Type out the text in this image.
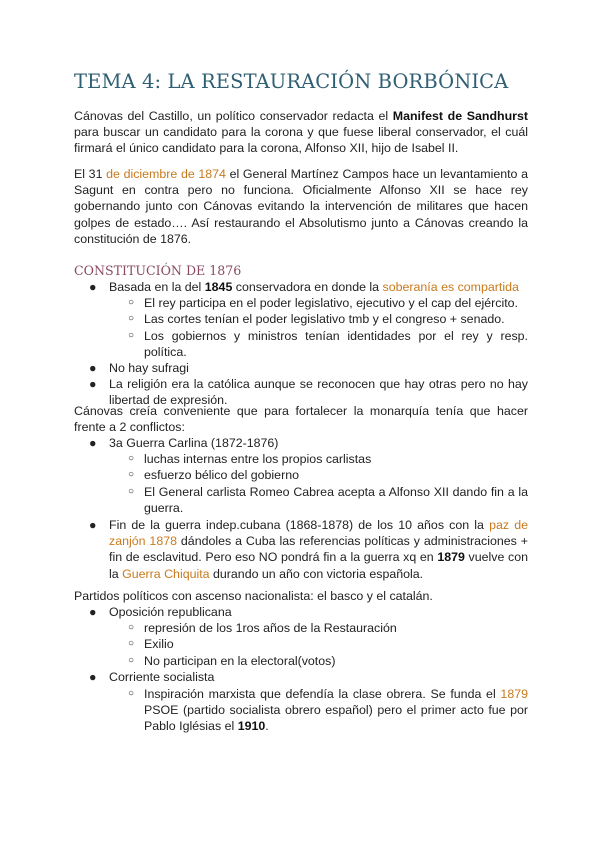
TEMA 4: LA RESTAURACIÓN BORBÓNICA

Cánovas del Castillo, un político conservador redacta el Manifest de Sandhurst para buscar un candidato para la corona y que fuese liberal conservador, el cuál firmará el único candidato para la corona, Alfonso XII, hijo de Isabel II.

El 31 de diciembre de 1874 el General Martínez Campos hace un levantamiento a Sagunt en contra pero no funciona. Oficialmente Alfonso XII se hace rey gobernando junto con Cánovas evitando la intervención de militares que hacen golpes de estado…. Así restaurando el Absolutismo junto a Cánovas creando la constitución de 1876.

CONSTITUCIÓN DE 1876
● Basada en la del 1845 conservadora en donde la soberanía es compartida
○ El rey participa en el poder legislativo, ejecutivo y el cap del ejército.
○ Las cortes tenían el poder legislativo tmb y el congreso + senado.
○ Los gobiernos y ministros tenían identidades por el rey y resp. política.
● No hay sufragi
● La religión era la católica aunque se reconocen que hay otras pero no hay libertad de expresión.

Cánovas creía conveniente que para fortalecer la monarquía tenía que hacer frente a 2 conflictos:

● 3a Guerra Carlina (1872-1876)
○ luchas internas entre los propios carlistas
○ esfuerzo bélico del gobierno
○ El General carlista Romeo Cabrea acepta a Alfonso XII dando fin a la guerra.
● Fin de la guerra indep.cubana (1868-1878) de los 10 años con la paz de zanjón 1878 dándoles a Cuba las referencias políticas y administraciones + fin de esclavitud. Pero eso NO pondrá fin a la guerra xq en 1879 vuelve con la Guerra Chiquita durando un año con victoria española.

Partidos políticos con ascenso nacionalista: el basco y el catalán.

● Oposición republicana
○ represión de los 1ros años de la Restauración
○ Exilio
○ No participan en la electoral(votos)
● Corriente socialista
○ Inspiración marxista que defendía la clase obrera. Se funda el 1879 PSOE (partido socialista obrero español) pero el primer acto fue por Pablo Iglésias el 1910.
